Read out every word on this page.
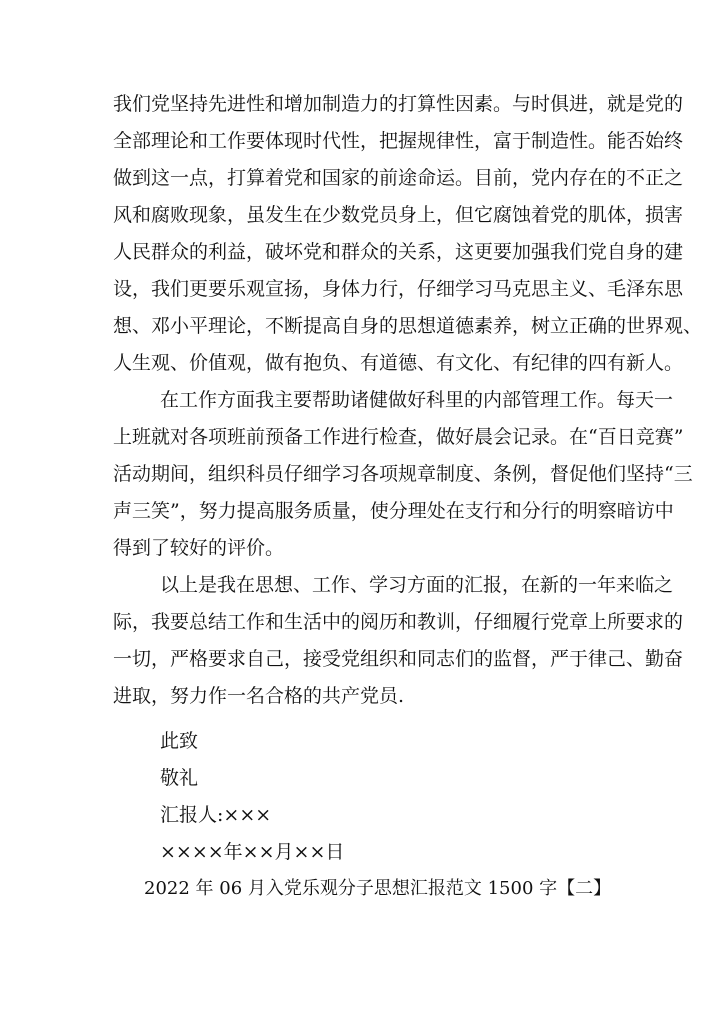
我们党坚持先进性和增加制造力的打算性因素。与时俱进，就是党的
全部理论和工作要体现时代性，把握规律性，富于制造性。能否始终
做到这一点，打算着党和国家的前途命运。目前，党内存在的不正之
风和腐败现象，虽发生在少数党员身上，但它腐蚀着党的肌体，损害
人民群众的利益，破坏党和群众的关系，这更要加强我们党自身的建
设，我们更要乐观宣扬，身体力行，仔细学习马克思主义、毛泽东思
想、邓小平理论，不断提高自身的思想道德素养，树立正确的世界观、
人生观、价值观，做有抱负、有道德、有文化、有纪律的四有新人。
在工作方面我主要帮助诸健做好科里的内部管理工作。每天一
上班就对各项班前预备工作进行检查，做好晨会记录。在“百日竞赛”
活动期间，组织科员仔细学习各项规章制度、条例，督促他们坚持“三
声三笑”，努力提高服务质量，使分理处在支行和分行的明察暗访中
得到了较好的评价。
以上是我在思想、工作、学习方面的汇报，在新的一年来临之
际，我要总结工作和生活中的阅历和教训，仔细履行党章上所要求的
一切，严格要求自己，接受党组织和同志们的监督，严于律己、勤奋
进取，努力作一名合格的共产党员.
此致
敬礼
汇报人:×××
××××年××月××日
2022 年 06 月入党乐观分子思想汇报范文 1500 字【二】
